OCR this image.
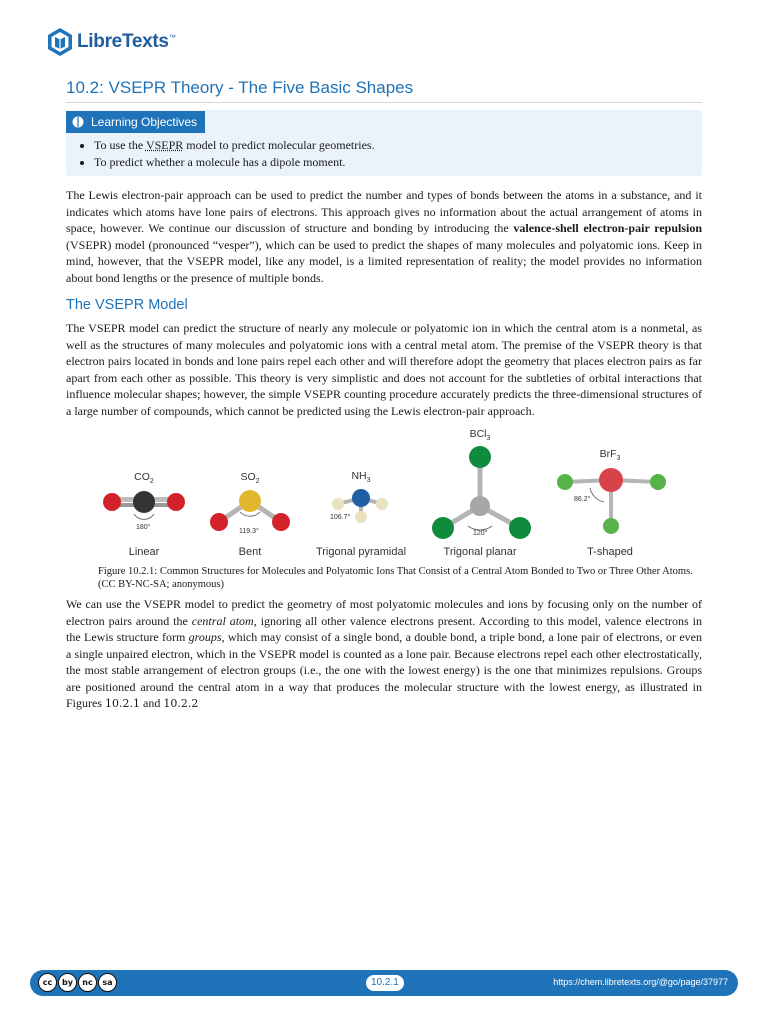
LibreTexts™
10.2: VSEPR Theory - The Five Basic Shapes
Learning Objectives
• To use the VSEPR model to predict molecular geometries.
• To predict whether a molecule has a dipole moment.

The Lewis electron-pair approach can be used to predict the number and types of bonds between the atoms in a substance, and it indicates which atoms have lone pairs of electrons. This approach gives no information about the actual arrangement of atoms in space, however. We continue our discussion of structure and bonding by introducing the valence-shell electron-pair repulsion (VSEPR) model (pronounced “vesper”), which can be used to predict the shapes of many molecules and polyatomic ions. Keep in mind, however, that the VSEPR model, like any model, is a limited representation of reality; the model provides no information about bond lengths or the presence of multiple bonds.

The VSEPR Model

The VSEPR model can predict the structure of nearly any molecule or polyatomic ion in which the central atom is a nonmetal, as well as the structures of many molecules and polyatomic ions with a central metal atom. The premise of the VSEPR theory is that electron pairs located in bonds and lone pairs repel each other and will therefore adopt the geometry that places electron pairs as far apart from each other as possible. This theory is very simplistic and does not account for the subtleties of orbital interactions that influence molecular shapes; however, the simple VSEPR counting procedure accurately predicts the three-dimensional structures of a large number of compounds, which cannot be predicted using the Lewis electron-pair approach.

$CO_2$
180°
Linear
$SO_2$
119.3°
Bent
$NH_3$
106.7°
Trigonal pyramidal
BCl$_3$
120°
Trigonal planar
BrF$_3$
86.2°
T-shaped

Figure 10.2.1: Common Structures for Molecules and Polyatomic Ions That Consist of a Central Atom Bonded to Two or Three Other Atoms. (CC BY-NC-SA; anonymous)

We can use the VSEPR model to predict the geometry of most polyatomic molecules and ions by focusing only on the number of electron pairs around the central atom, ignoring all other valence electrons present. According to this model, valence electrons in the Lewis structure form groups, which may consist of a single bond, a double bond, a triple bond, a lone pair of electrons, or even a single unpaired electron, which in the VSEPR model is counted as a lone pair. Because electrons repel each other electrostatically, the most stable arrangement of electron groups (i.e., the one with the lowest energy) is the one that minimizes repulsions. Groups are positioned around the central atom in a way that produces the molecular structure with the lowest energy, as illustrated in Figures 10.2.1 and 10.2.2

cc	by	nc	sa	10.2.1	https://chem.libretexts.org/@go/page/37977
